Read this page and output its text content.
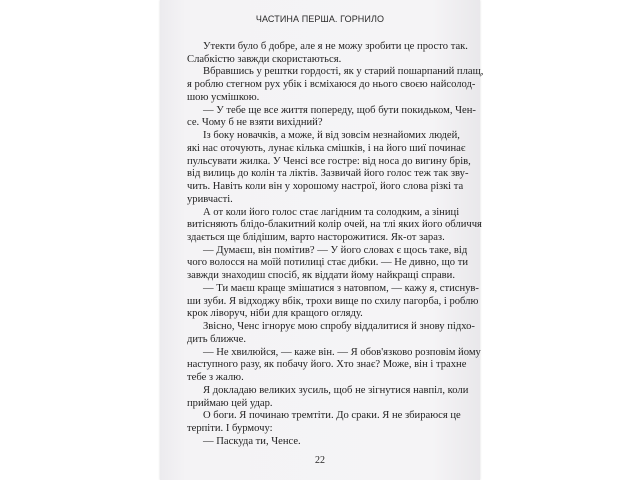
ЧАСТИНА ПЕРША. ГОРНИЛО
Утекти було б добре, але я не можу зробити це просто так.
Слабкістю завжди скористаються.
Вбравшись у рештки гордості, як у старий пошарпаний плащ,
я роблю стегном рух убік і всміхаюся до нього своєю найсолод-
шою усмішкою.
— У тебе ще все життя попереду, щоб бути покидьком, Чен-
се. Чому б не взяти вихідний?
Із боку новачків, а може, й від зовсім незнайомих людей,
які нас оточують, лунає кілька смішків, і на його шиї починає
пульсувати жилка. У Ченсі все гостре: від носа до вигину брів,
від вилиць до колін та ліктів. Зазвичай його голос теж так зву-
чить. Навіть коли він у хорошому настрої, його слова різкі та
уривчасті.
А от коли його голос стає лагідним та солодким, а зіниці
витісняють блідо-блакитний колір очей, на тлі яких його обличчя
здається ще блідішим, варто насторожитися. Як-от зараз.
— Думаєш, він помітив? — У його словах є щось таке, від
чого волосся на моїй потилиці стає дибки. — Не дивно, що ти
завжди знаходиш спосіб, як віддати йому найкращі справи.
— Ти маєш краще змішатися з натовпом, — кажу я, стиснув-
ши зуби. Я відходжу вбік, трохи вище по схилу пагорба, і роблю
крок ліворуч, ніби для кращого огляду.
Звісно, Ченс ігнорує мою спробу віддалитися й знову підхо-
дить ближче.
— Не хвилюйся, — каже він. — Я обов'язково розповім йому
наступного разу, як побачу його. Хто знає? Може, він і трахне
тебе з жалю.
Я докладаю великих зусиль, щоб не зігнутися навпіл, коли
приймаю цей удар.
О боги. Я починаю тремтіти. До сраки. Я не збираюся це
терпіти. І бурмочу:
— Паскуда ти, Ченсе.
22
